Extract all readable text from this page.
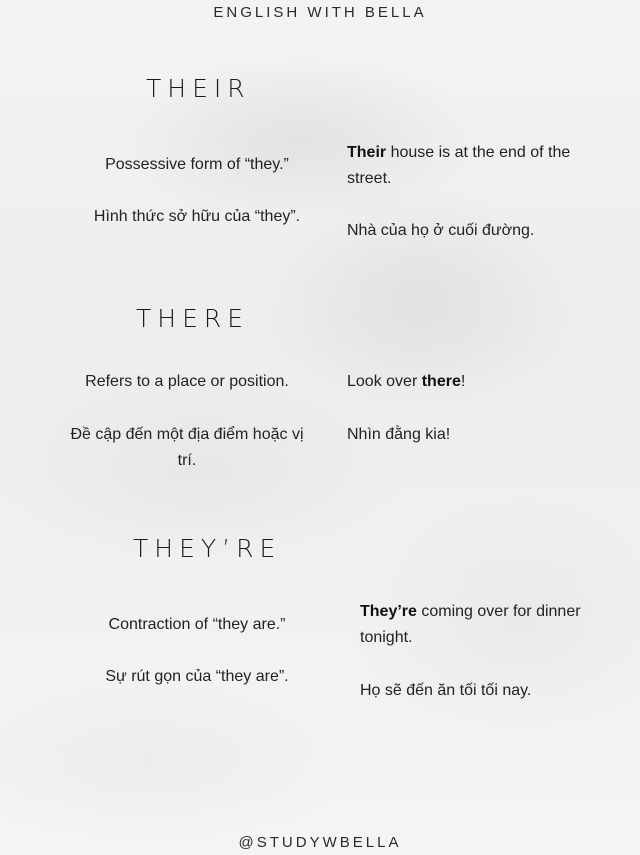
ENGLISH WITH BELLA
THEIR
Possessive form of “they.”
Hình thức sở hữu của “they”.
Their house is at the end of the street.
Nhà của họ ở cuối đường.
THERE
Refers to a place or position.
Đề cập đến một địa điểm hoặc vị trí.
Look over there!
Nhìn đằng kia!
THEY’RE
Contraction of “they are.”
Sự rút gọn của “they are”.
They’re coming over for dinner tonight.
Họ sẽ đến ăn tối tối nay.
@STUDYWBELLA
